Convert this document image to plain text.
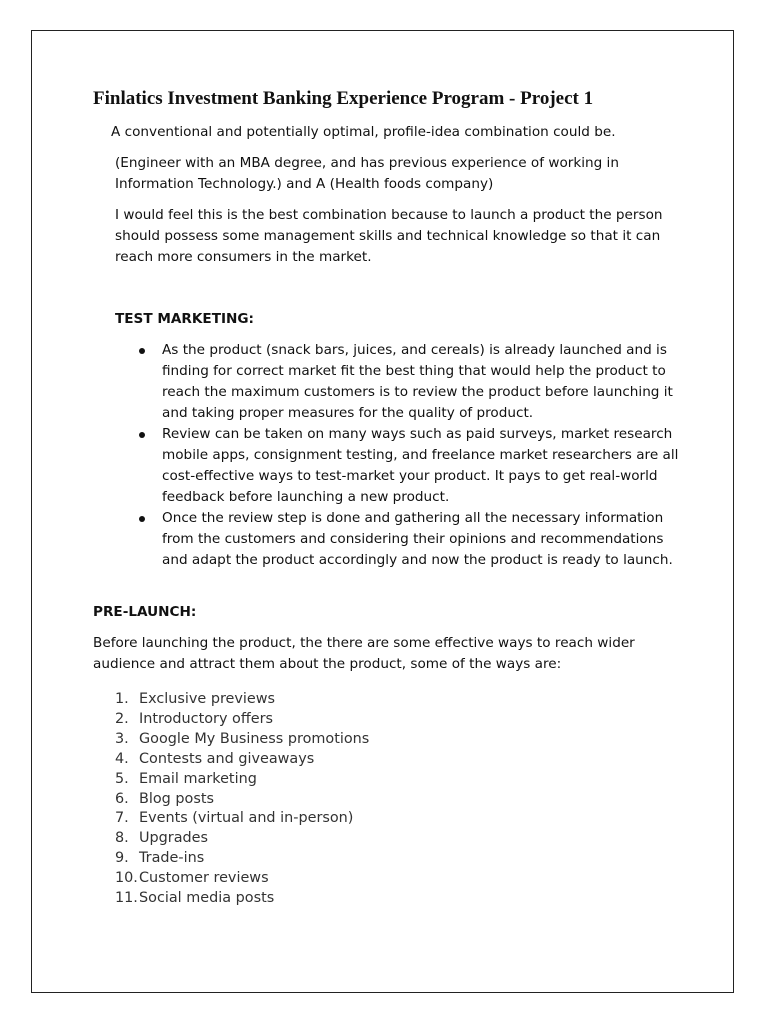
Finlatics Investment Banking Experience Program - Project 1

A conventional and potentially optimal, profile-idea combination could be.

(Engineer with an MBA degree, and has previous experience of working in Information Technology.) and A (Health foods company)

I would feel this is the best combination because to launch a product the person should possess some management skills and technical knowledge so that it can reach more consumers in the market.

TEST MARKETING:

As the product (snack bars, juices, and cereals) is already launched and is finding for correct market fit the best thing that would help the product to reach the maximum customers is to review the product before launching it and taking proper measures for the quality of product.
Review can be taken on many ways such as paid surveys, market research mobile apps, consignment testing, and freelance market researchers are all cost-effective ways to test-market your product. It pays to get real-world feedback before launching a new product.
Once the review step is done and gathering all the necessary information from the customers and considering their opinions and recommendations and adapt the product accordingly and now the product is ready to launch.

PRE-LAUNCH:

Before launching the product, the there are some effective ways to reach wider audience and attract them about the product, some of the ways are:

1. Exclusive previews
2. Introductory offers
3. Google My Business promotions
4. Contests and giveaways
5. Email marketing
6. Blog posts
7. Events (virtual and in-person)
8. Upgrades
9. Trade-ins
10. Customer reviews
11. Social media posts
